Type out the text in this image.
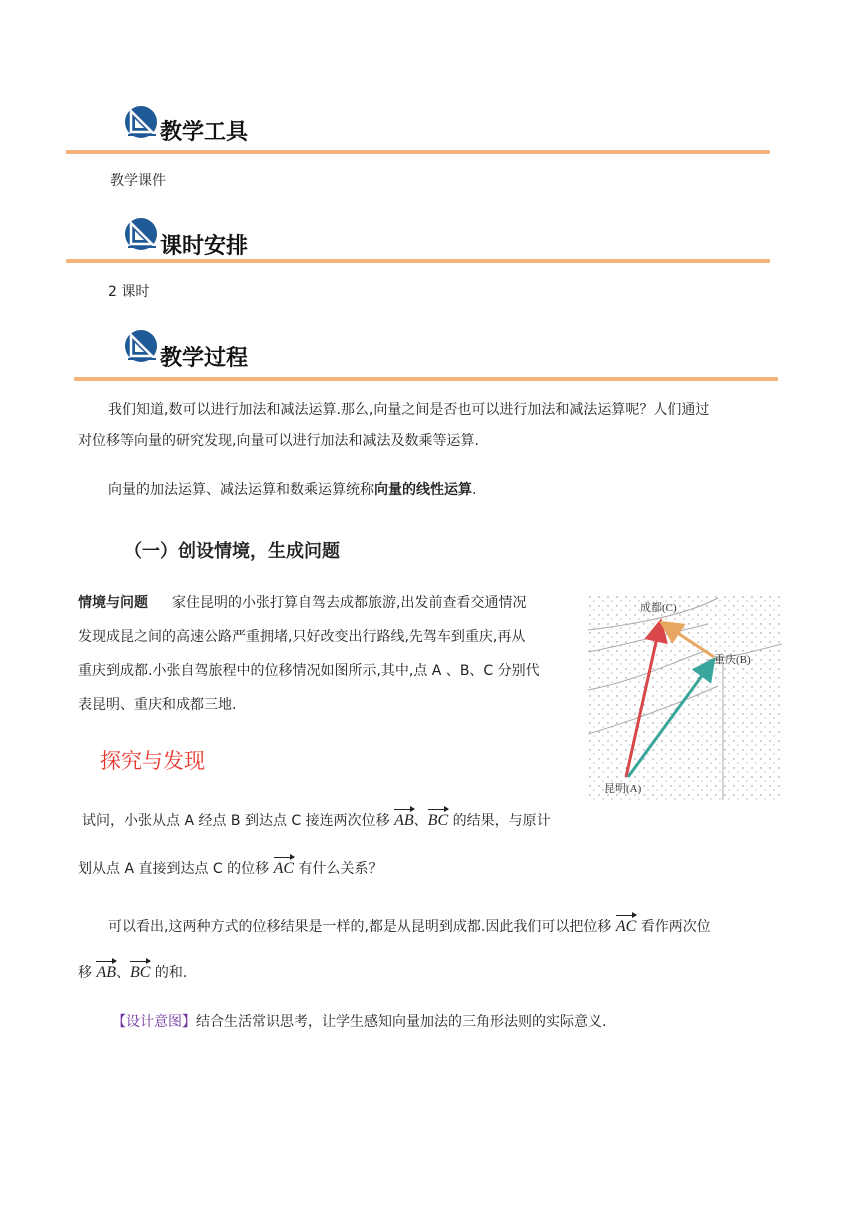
教学工具
教学课件
课时安排
2 课时
教学过程
我们知道,数可以进行加法和减法运算.那么,向量之间是否也可以进行加法和减法运算呢？人们通过
对位移等向量的研究发现,向量可以进行加法和减法及数乘等运算.
向量的加法运算、减法运算和数乘运算统称向量的线性运算.
（一）创设情境，生成问题
情境与问题 家住昆明的小张打算自驾去成都旅游,出发前查看交通情况
发现成昆之间的高速公路严重拥堵,只好改变出行路线,先驾车到重庆,再从
重庆到成都.小张自驾旅程中的位移情况如图所示,其中,点 A 、B、C 分别代
表昆明、重庆和成都三地.
成都(C)
重庆(B)
昆明(A)
探究与发现
试问，小张从点 A 经点 B 到达点 C 接连两次位移 AB、BC 的结果，与原计
划从点 A 直接到达点 C 的位移 AC 有什么关系？
可以看出,这两种方式的位移结果是一样的,都是从昆明到成都.因此我们可以把位移 AC 看作两次位
移 AB、BC 的和.
【设计意图】结合生活常识思考，让学生感知向量加法的三角形法则的实际意义.
